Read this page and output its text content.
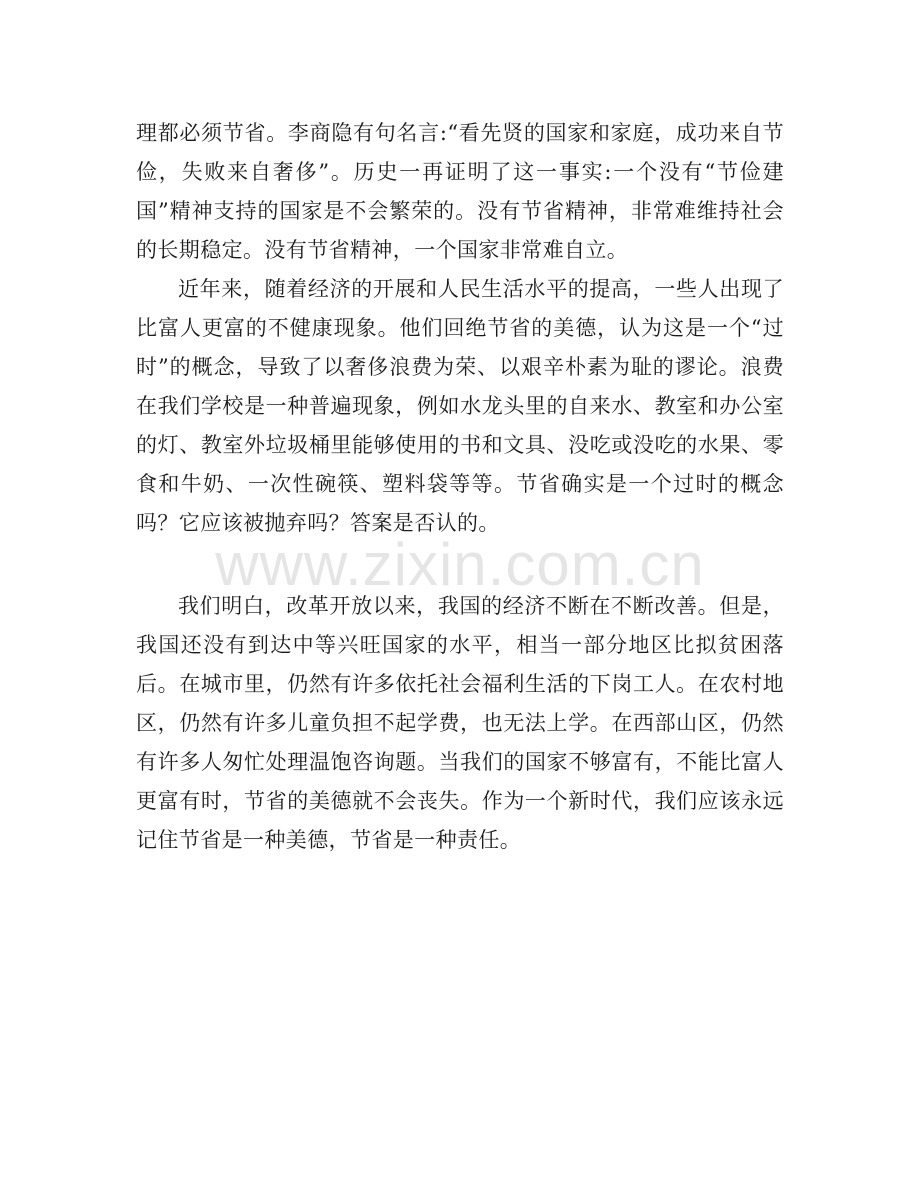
理都必须节省。李商隐有句名言:“看先贤的国家和家庭，成功来自节俭，失败来自奢侈”。历史一再证明了这一事实:一个没有“节俭建国”精神支持的国家是不会繁荣的。没有节省精神，非常难维持社会的长期稳定。没有节省精神，一个国家非常难自立。

近年来，随着经济的开展和人民生活水平的提高，一些人出现了比富人更富的不健康现象。他们回绝节省的美德，认为这是一个“过时”的概念，导致了以奢侈浪费为荣、以艰辛朴素为耻的谬论。浪费在我们学校是一种普遍现象，例如水龙头里的自来水、教室和办公室的灯、教室外垃圾桶里能够使用的书和文具、没吃或没吃的水果、零食和牛奶、一次性碗筷、塑料袋等等。节省确实是一个过时的概念吗？它应该被抛弃吗？答案是否认的。

我们明白，改革开放以来，我国的经济不断在不断改善。但是，我国还没有到达中等兴旺国家的水平，相当一部分地区比拟贫困落后。在城市里，仍然有许多依托社会福利生活的下岗工人。在农村地区，仍然有许多儿童负担不起学费，也无法上学。在西部山区，仍然有许多人匆忙处理温饱咨询题。当我们的国家不够富有，不能比富人更富有时，节省的美德就不会丧失。作为一个新时代，我们应该永远记住节省是一种美德，节省是一种责任。

www.zixin.com.cn
